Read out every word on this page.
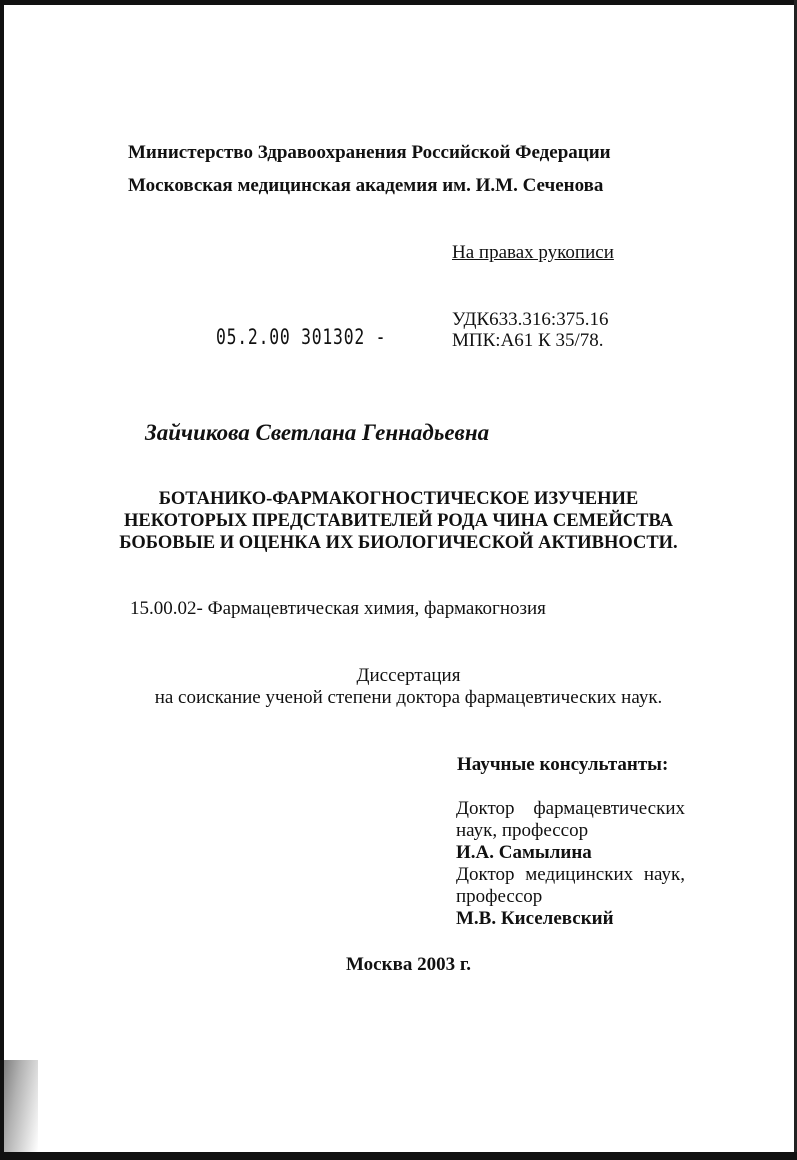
Министерство Здравоохранения Российской Федерации
Московская медицинская академия им. И.М. Сеченова
На правах рукописи
УДК633.316:375.16
05.2.00 301302 -	МПК:А61 К 35/78.
Зайчикова Светлана Геннадьевна
БОТАНИКО-ФАРМАКОГНОСТИЧЕСКОЕ ИЗУЧЕНИЕ
НЕКОТОРЫХ ПРЕДСТАВИТЕЛЕЙ РОДА ЧИНА СЕМЕЙСТВА
БОБОВЫЕ И ОЦЕНКА ИХ БИОЛОГИЧЕСКОЙ АКТИВНОСТИ.
15.00.02- Фармацевтическая химия, фармакогнозия
Диссертация
на соискание ученой степени доктора фармацевтических наук.
Научные консультанты:
Доктор фармацевтических
наук, профессор
И.А. Самылина
Доктор медицинских наук,
профессор
М.В. Киселевский
Москва 2003 г.
